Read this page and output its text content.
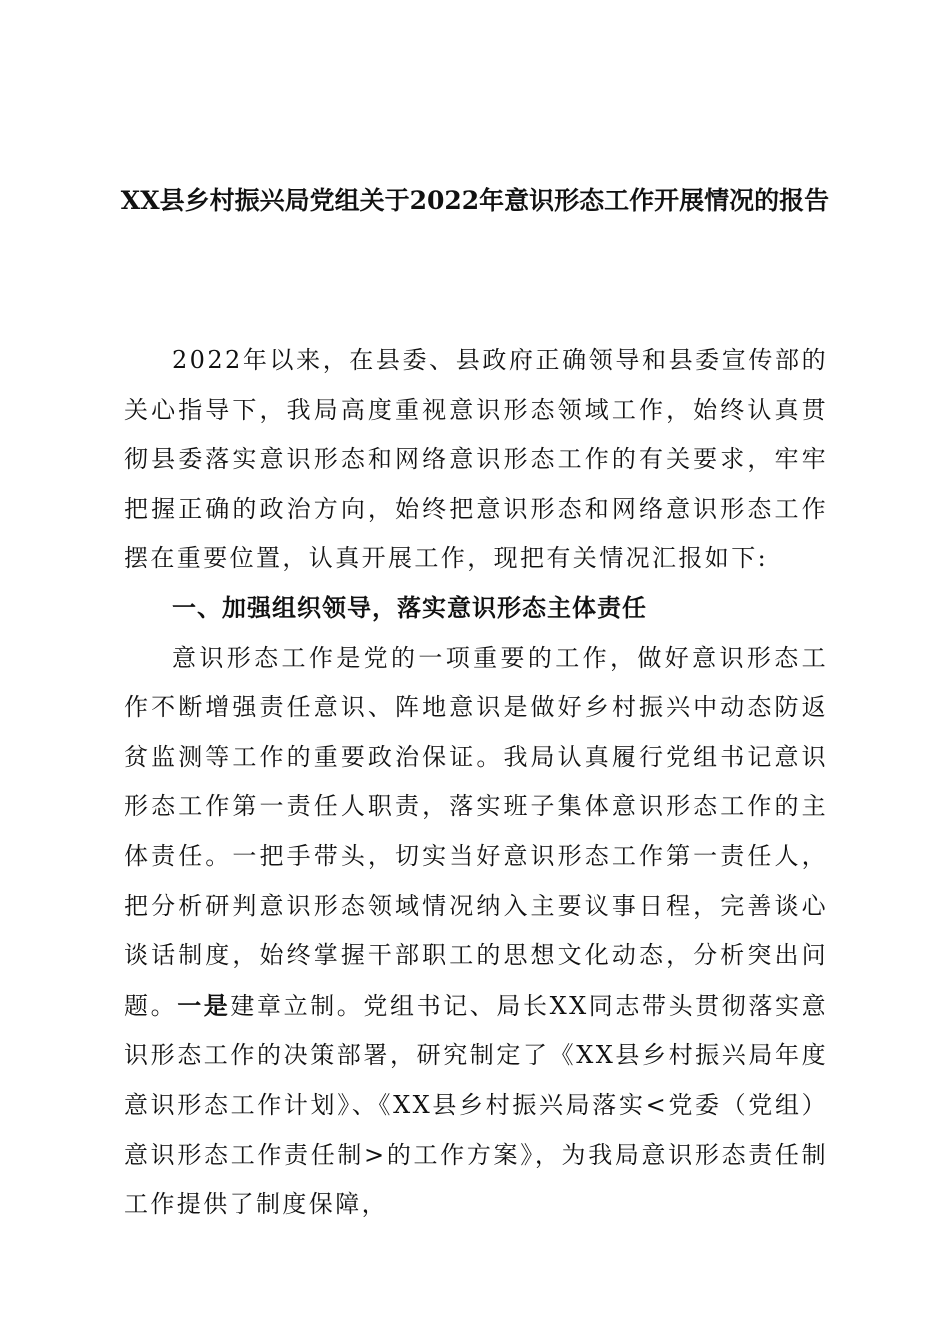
XX县乡村振兴局党组关于2022年意识形态工作开展情况的报告

2022年以来，在县委、县政府正确领导和县委宣传部的关心指导下，我局高度重视意识形态领域工作，始终认真贯彻县委落实意识形态和网络意识形态工作的有关要求，牢牢把握正确的政治方向，始终把意识形态和网络意识形态工作摆在重要位置，认真开展工作，现把有关情况汇报如下:

一、加强组织领导，落实意识形态主体责任

意识形态工作是党的一项重要的工作，做好意识形态工作不断增强责任意识、阵地意识是做好乡村振兴中动态防返贫监测等工作的重要政治保证。我局认真履行党组书记意识形态工作第一责任人职责，落实班子集体意识形态工作的主体责任。一把手带头，切实当好意识形态工作第一责任人，把分析研判意识形态领域情况纳入主要议事日程，完善谈心谈话制度，始终掌握干部职工的思想文化动态，分析突出问题。一是建章立制。党组书记、局长XX同志带头贯彻落实意识形态工作的决策部署，研究制定了《XX县乡村振兴局年度意识形态工作计划》、《XX县乡村振兴局落实<党委（党组）意识形态工作责任制>的工作方案》，为我局意识形态责任制工作提供了制度保障，
